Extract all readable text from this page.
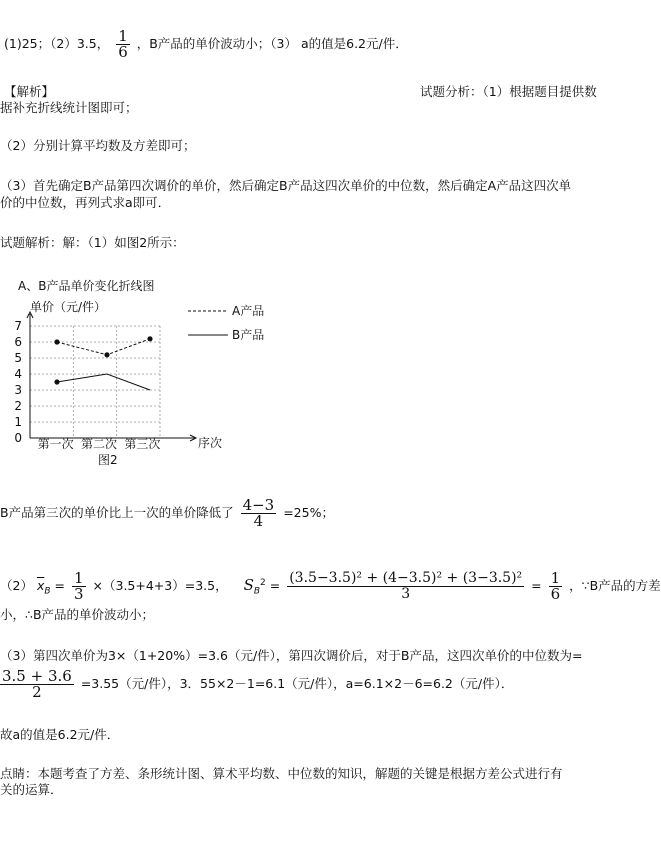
(1)25；（2）3.5， $\frac{1}{6}$ ，B产品的单价波动小；（3） a的值是6.2元/件．
【解析】	试题分析：（1）根据题目提供数
据补充折线统计图即可；
（2）分别计算平均数及方差即可；
（3）首先确定B产品第四次调价的单价，然后确定B产品这四次单价的中位数，然后确定A产品这四次单
价的中位数，再列式求a即可．
试题解析：解：（1）如图2所示：
A、B产品单价变化折线图
单价（元/件）
0
1
2
3
4
5
6
7
第一次 第二次 第三次	序次
图2
A产品
B产品
B产品第三次的单价比上一次的单价降低了 $\frac{4-3}{4} =25\%$；
（2） $\overline{x}_B = \frac{1}{3} \times(3.5+4+3)=3.5$， $S_B^2 = \frac{\text{(3.5−3.5)² + (4−3.5)² + (3−3.5)²}}{3} = \frac{1}{6}$ ，∵B产品的方差
小，∴B产品的单价波动小；
（3）第四次单价为3×（1+20%）=3.6（元/件），第四次调价后，对于B产品，这四次单价的中位数为=
$\frac{3.5 + 3.6}{2} =3.55$（元/件），3．55×2－1=6.1（元/件），a=6.1×2－6=6.2（元/件）．
故a的值是6.2元/件．
点睛：本题考查了方差、条形统计图、算术平均数、中位数的知识，解题的关键是根据方差公式进行有
关的运算．
